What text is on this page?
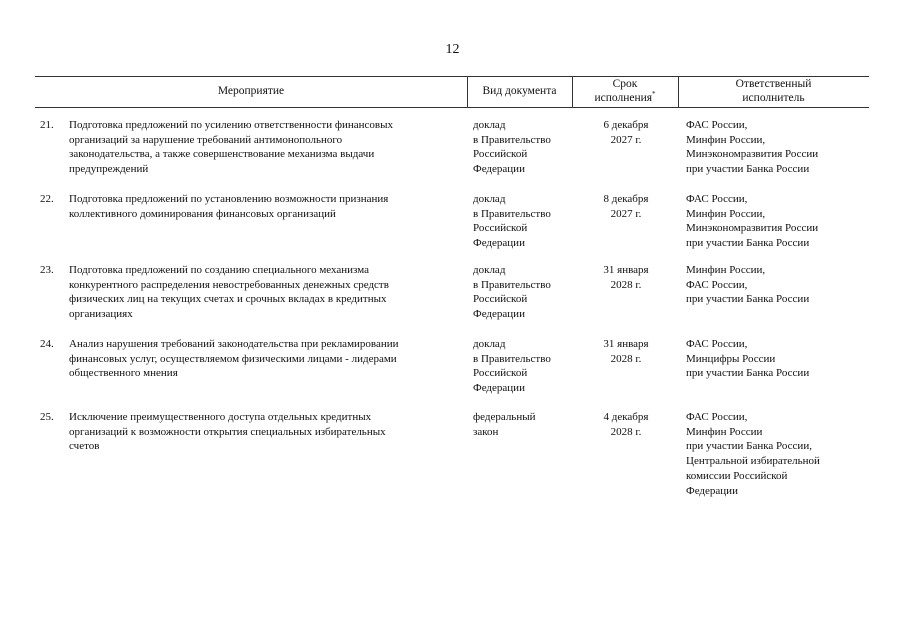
12
Мероприятие	Вид документа
Срок
исполнения*
Ответственный
исполнитель
21. Подготовка предложений по усилению ответственности финансовых
организаций за нарушение требований антимонопольного
законодательства, а также совершенствование механизма выдачи
предупреждений
доклад
в Правительство
Российской
Федерации
6 декабря
2027 г.
ФАС России,
Минфин России,
Минэкономразвития России
при участии Банка России
22. Подготовка предложений по установлению возможности признания
коллективного доминирования финансовых организаций
доклад
в Правительство
Российской
Федерации
8 декабря
2027 г.
ФАС России,
Минфин России,
Минэкономразвития России
при участии Банка России
23. Подготовка предложений по созданию специального механизма
конкурентного распределения невостребованных денежных средств
физических лиц на текущих счетах и срочных вкладах в кредитных
организациях
доклад
в Правительство
Российской
Федерации
31 января
2028 г.
Минфин России,
ФАС России,
при участии Банка России
24. Анализ нарушения требований законодательства при рекламировании
финансовых услуг, осуществляемом физическими лицами - лидерами
общественного мнения
доклад
в Правительство
Российской
Федерации
31 января
2028 г.
ФАС России,
Минцифры России
при участии Банка России
25. Исключение преимущественного доступа отдельных кредитных
организаций к возможности открытия специальных избирательных
счетов
федеральный
закон
4 декабря
2028 г.
ФАС России,
Минфин России
при участии Банка России,
Центральной избирательной
комиссии Российской
Федерации
